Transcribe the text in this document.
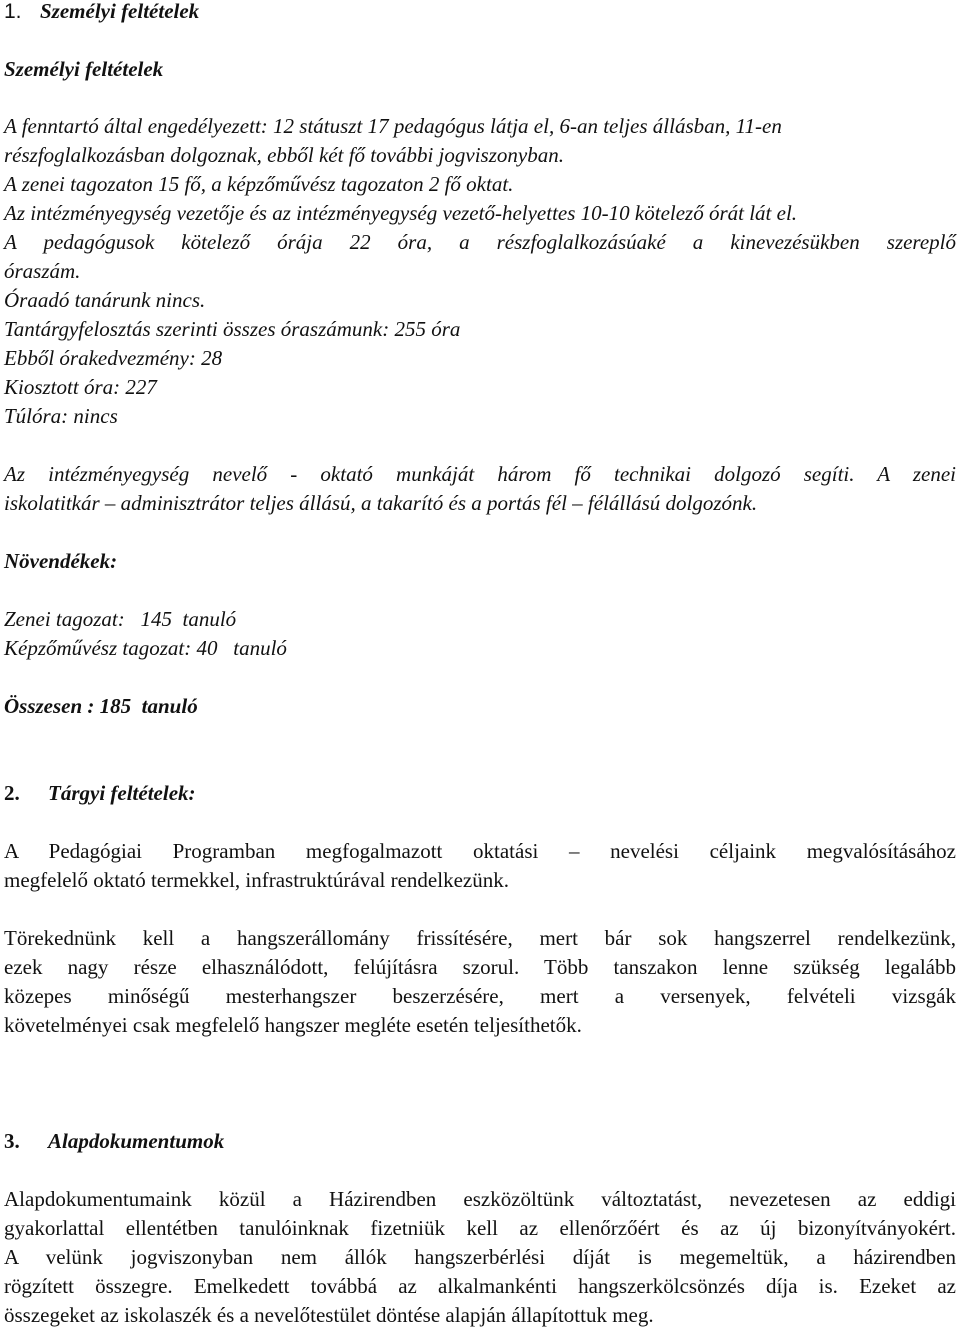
1. Személyi feltételek
Személyi feltételek
A fenntartó által engedélyezett: 12 státuszt 17 pedagógus látja el, 6-an teljes állásban, 11-en
részfoglalkozásban dolgoznak, ebből két fő további jogviszonyban.
A zenei tagozaton 15 fő, a képzőművész tagozaton 2 fő oktat.
Az intézményegység vezetője és az intézményegység vezető-helyettes 10-10 kötelező órát lát el.
A pedagógusok kötelező órája 22 óra, a részfoglalkozásúaké a kinevezésükben szereplő
óraszám.
Óraadó tanárunk nincs.
Tantárgyfelosztás szerinti összes óraszámunk: 255 óra
Ebből órakedvezmény: 28
Kiosztott óra: 227
Túlóra: nincs
Az intézményegység nevelő - oktató munkáját három fő technikai dolgozó segíti. A zenei
iskolatitkár – adminisztrátor teljes állású, a takarító és a portás fél – félállású dolgozónk.
Növendékek:
Zenei tagozat:   145  tanuló
Képzőművész tagozat: 40   tanuló
Összesen : 185  tanuló
2. Tárgyi feltételek:
A Pedagógiai Programban megfogalmazott oktatási – nevelési céljaink megvalósításához
megfelelő oktató termekkel, infrastruktúrával rendelkezünk.
Törekednünk kell a hangszerállomány frissítésére, mert bár sok hangszerrel rendelkezünk,
ezek nagy része elhasználódott, felújításra szorul. Több tanszakon lenne szükség legalább
közepes minőségű mesterhangszer beszerzésére, mert a versenyek, felvételi vizsgák
követelményei csak megfelelő hangszer megléte esetén teljesíthetők.
3. Alapdokumentumok
Alapdokumentumaink közül a Házirendben eszközöltünk változtatást, nevezetesen az eddigi
gyakorlattal ellentétben tanulóinknak fizetniük kell az ellenőrzőért és az új bizonyítványokért.
A velünk jogviszonyban nem állók hangszerbérlési díját is megemeltük, a házirendben
rögzített összegre. Emelkedett továbbá az alkalmankénti hangszerkölcsönzés díja is. Ezeket az
összegeket az iskolaszék és a nevelőtestület döntése alapján állapítottuk meg.
